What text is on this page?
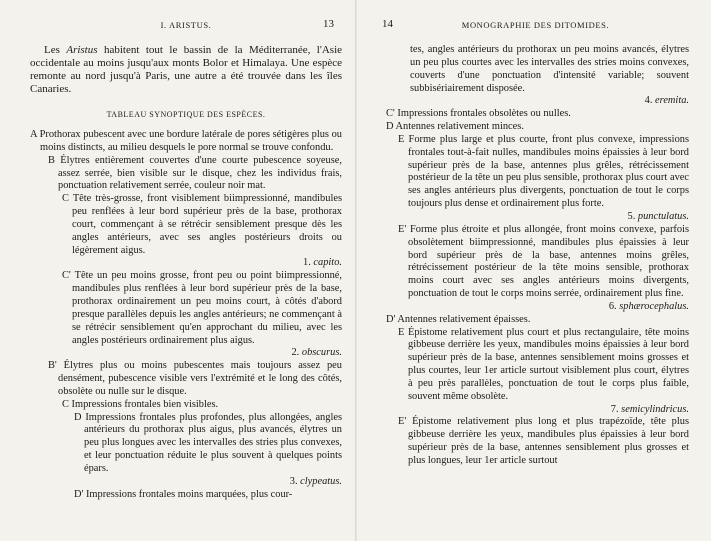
I. ARISTUS.	13

Les Aristus habitent tout le bassin de la Méditerranée, l'Asie occidentale au moins jusqu'aux monts Bolor et Himalaya. Une espèce remonte au nord jusqu'à Paris, une autre a été trouvée dans les îles Canaries.

TABLEAU SYNOPTIQUE DES ESPÈCES.

A Prothorax pubescent avec une bordure latérale de pores sétigères plus ou moins distincts, au milieu desquels le pore normal se trouve confondu.

B Élytres entièrement couvertes d'une courte pubescence soyeuse, assez serrée, bien visible sur le disque, chez les individus frais, ponctuation relativement serrée, couleur noir mat.

C Tête très-grosse, front visiblement biimpressionné, mandibules peu renflées à leur bord supérieur près de la base, prothorax court, commençant à se rétrécir sensiblement presque dès les angles antérieurs, avec ses angles postérieurs droits ou légèrement aigus.

1. capito.

C' Tête un peu moins grosse, front peu ou point biimpressionné, mandibules plus renflées à leur bord supérieur près de la base, prothorax ordinairement un peu moins court, à côtés d'abord presque parallèles depuis les angles antérieurs; ne commençant à se rétrécir sensiblement qu'en approchant du milieu, avec les angles postérieurs ordinairement plus aigus.

2. obscurus.

B' Élytres plus ou moins pubescentes mais toujours assez peu densément, pubescence visible vers l'extrémité et le long des côtés, obsolète ou nulle sur le disque.

C Impressions frontales bien visibles.

D Impressions frontales plus profondes, plus allongées, angles antérieurs du prothorax plus aigus, plus avancés, élytres un peu plus longues avec les intervalles des stries plus convexes, et leur ponctuation réduite le plus souvent à quelques points épars.

3. clypeatus.

D' Impressions frontales moins marquées, plus cour-

14	MONOGRAPHIE DES DITOMIDES.

tes, angles antérieurs du prothorax un peu moins avancés, élytres un peu plus courtes avec les intervalles des stries moins convexes, couverts d'une ponctuation d'intensité variable; souvent subbisériairement disposée.

4. eremita.

C' Impressions frontales obsolètes ou nulles.

D Antennes relativement minces.

E Forme plus large et plus courte, front plus convexe, impressions frontales tout-à-fait nulles, mandibules moins épaissies à leur bord supérieur près de la base, antennes plus grêles, rétrécissement postérieur de la tête un peu plus sensible, prothorax plus court avec ses angles antérieurs plus divergents, ponctuation de tout le corps toujours plus dense et ordinairement plus forte.

5. punctulatus.

E' Forme plus étroite et plus allongée, front moins convexe, parfois obsolètement biimpressionné, mandibules plus épaissies à leur bord supérieur près de la base, antennes moins grêles, rétrécissement postérieur de la tête moins sensible, prothorax moins court avec ses angles antérieurs moins divergents, ponctuation de tout le corps moins serrée, ordinairement plus fine.

6. sphærocephalus.

D' Antennes relativement épaisses.

E Épistome relativement plus court et plus rectangulaire, tête moins gibbeuse derrière les yeux, mandibules moins épaissies à leur bord supérieur près de la base, antennes sensiblement moins grosses et plus courtes, leur 1er article surtout visiblement plus court, élytres à peu près parallèles, ponctuation de tout le corps plus faible, souvent même obsolète.

7. semicylindricus.

E' Épistome relativement plus long et plus trapézoïde, tête plus gibbeuse derrière les yeux, mandibules plus épaissies à leur bord supérieur près de la base, antennes sensiblement plus grosses et plus longues, leur 1er article surtout
